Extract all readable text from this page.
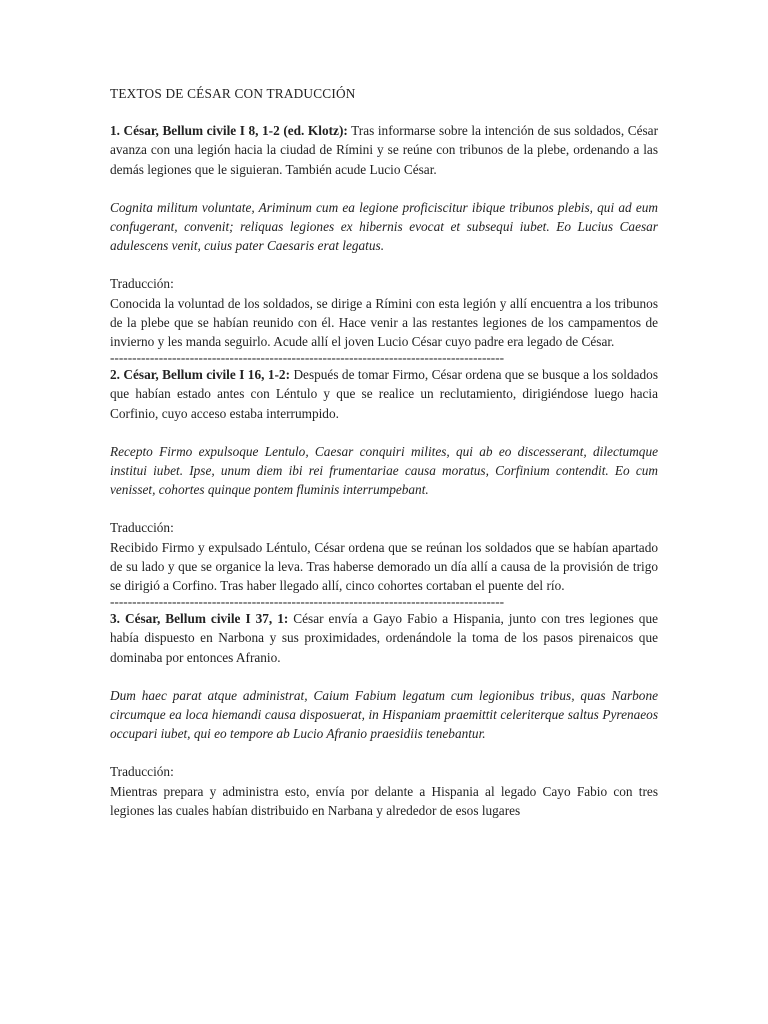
TEXTOS DE CÉSAR CON TRADUCCIÓN

1. César, Bellum civile I 8, 1-2 (ed. Klotz): Tras informarse sobre la intención de sus soldados, César avanza con una legión hacia la ciudad de Rímini y se reúne con tribunos de la plebe, ordenando a las demás legiones que le siguieran. También acude Lucio César.

Cognita militum voluntate, Ariminum cum ea legione proficiscitur ibique tribunos plebis, qui ad eum confugerant, convenit; reliquas legiones ex hibernis evocat et subsequi iubet. Eo Lucius Caesar adulescens venit, cuius pater Caesaris erat legatus.

Traducción:

Conocida la voluntad de los soldados, se dirige a Rímini con esta legión y allí encuentra a los tribunos de la plebe que se habían reunido con él. Hace venir a las restantes legiones de los campamentos de invierno y les manda seguirlo. Acude allí el joven Lucio César cuyo padre era legado de César.

-----------------------------------------------------------------------------------------

2. César, Bellum civile I 16, 1-2: Después de tomar Firmo, César ordena que se busque a los soldados que habían estado antes con Léntulo y que se realice un reclutamiento, dirigiéndose luego hacia Corfinio, cuyo acceso estaba interrumpido.

Recepto Firmo expulsoque Lentulo, Caesar conquiri milites, qui ab eo discesserant, dilectumque institui iubet. Ipse, unum diem ibi rei frumentariae causa moratus, Corfinium contendit. Eo cum venisset, cohortes quinque pontem fluminis interrumpebant.

Traducción:

Recibido Firmo y expulsado Léntulo, César ordena que se reúnan los soldados que se habían apartado de su lado y que se organice la leva. Tras haberse demorado un día allí a causa de la provisión de trigo se dirigió a Corfino. Tras haber llegado allí, cinco cohortes cortaban el puente del río.

-----------------------------------------------------------------------------------------

3. César, Bellum civile I 37, 1: César envía a Gayo Fabio a Hispania, junto con tres legiones que había dispuesto en Narbona y sus proximidades, ordenándole la toma de los pasos pirenaicos que dominaba por entonces Afranio.

Dum haec parat atque administrat, Caium Fabium legatum cum legionibus tribus, quas Narbone circumque ea loca hiemandi causa disposuerat, in Hispaniam praemittit celeriterque saltus Pyrenaeos occupari iubet, qui eo tempore ab Lucio Afranio praesidiis tenebantur.

Traducción:

Mientras prepara y administra esto, envía por delante a Hispania al legado Cayo Fabio con tres legiones las cuales habían distribuido en Narbana y alrededor de esos lugares
